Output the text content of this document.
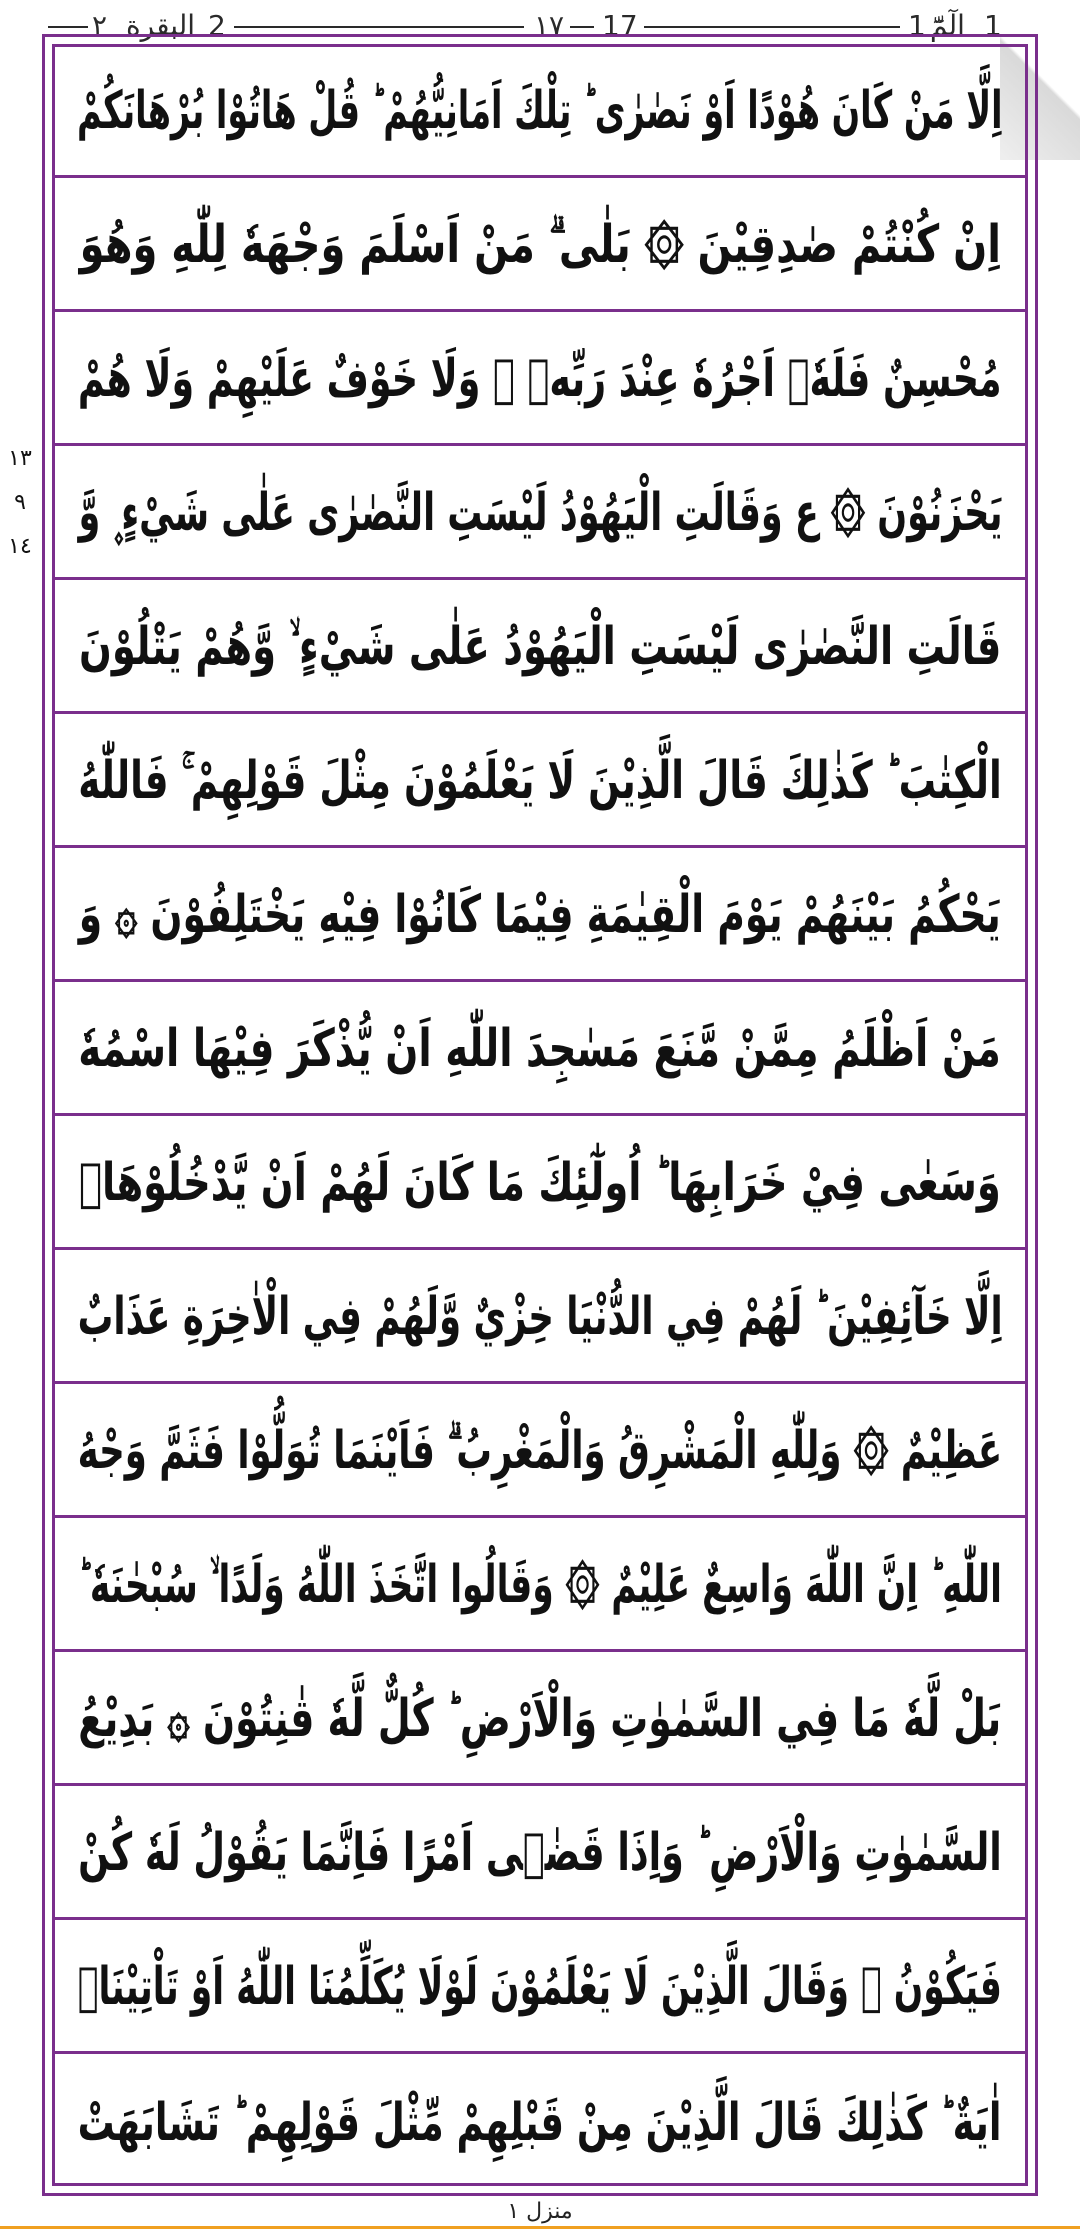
٢ البقرة 2	١٧ 17	1 الٓمّٓ 1
١٣
٩
١٤
اِلَّا مَنْ كَانَ هُوْدًا اَوْ نَصٰرٰى ؕ تِلْكَ اَمَانِيُّهُمْ ؕ قُلْ هَاتُوْا بُرْهَانَكُمْ
اِنْ كُنْتُمْ صٰدِقِيْنَ ۞ بَلٰى ۗ مَنْ اَسْلَمَ وَجْهَهٗ لِلّٰهِ وَهُوَ
مُحْسِنٌ فَلَهٗۤ اَجْرُهٗ عِنْدَ رَبِّهٖ ۪ وَلَا خَوْفٌ عَلَيْهِمْ وَلَا هُمْ
يَحْزَنُوْنَ ۞ ع وَقَالَتِ الْيَهُوْدُ لَيْسَتِ النَّصٰرٰى عَلٰى شَيْءٍ ۪ وَّ
قَالَتِ النَّصٰرٰى لَيْسَتِ الْيَهُوْدُ عَلٰى شَيْءٍ ۙ وَّهُمْ يَتْلُوْنَ
الْكِتٰبَ ؕ كَذٰلِكَ قَالَ الَّذِيْنَ لَا يَعْلَمُوْنَ مِثْلَ قَوْلِهِمْ ۚ فَاللّٰهُ
يَحْكُمُ بَيْنَهُمْ يَوْمَ الْقِيٰمَةِ فِيْمَا كَانُوْا فِيْهِ يَخْتَلِفُوْنَ ۞ وَ
مَنْ اَظْلَمُ مِمَّنْ مَّنَعَ مَسٰجِدَ اللّٰهِ اَنْ يُّذْكَرَ فِيْهَا اسْمُهٗ
وَسَعٰى فِيْ خَرَابِهَا ؕ اُولٰٓئِكَ مَا كَانَ لَهُمْ اَنْ يَّدْخُلُوْهَاۤ
اِلَّا خَآئِفِيْنَ ؕ لَهُمْ فِي الدُّنْيَا خِزْيٌ وَّلَهُمْ فِي الْاٰخِرَةِ عَذَابٌ
عَظِيْمٌ ۞ وَلِلّٰهِ الْمَشْرِقُ وَالْمَغْرِبُ ۗ فَاَيْنَمَا تُوَلُّوْا فَثَمَّ وَجْهُ
اللّٰهِ ؕ اِنَّ اللّٰهَ وَاسِعٌ عَلِيْمٌ ۞ وَقَالُوا اتَّخَذَ اللّٰهُ وَلَدًا ۙ سُبْحٰنَهٗ ؕ
بَلْ لَّهٗ مَا فِي السَّمٰوٰتِ وَالْاَرْضِ ؕ كُلٌّ لَّهٗ قٰنِتُوْنَ ۞ بَدِيْعُ
السَّمٰوٰتِ وَالْاَرْضِ ؕ وَاِذَا قَضٰۤى اَمْرًا فَاِنَّمَا يَقُوْلُ لَهٗ كُنْ
فَيَكُوْنُ ۞ وَقَالَ الَّذِيْنَ لَا يَعْلَمُوْنَ لَوْلَا يُكَلِّمُنَا اللّٰهُ اَوْ تَاْتِيْنَاۤ
اٰيَةٌ ؕ كَذٰلِكَ قَالَ الَّذِيْنَ مِنْ قَبْلِهِمْ مِّثْلَ قَوْلِهِمْ ؕ تَشَابَهَتْ
منزل ١
